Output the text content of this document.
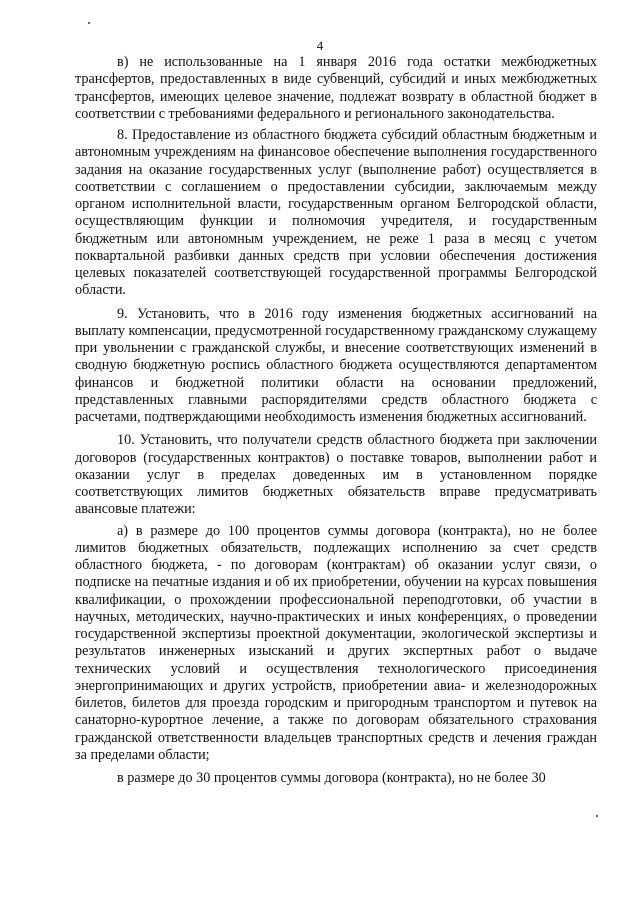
4

в) не использованные на 1 января 2016 года остатки межбюджетных трансфертов, предоставленных в виде субвенций, субсидий и иных межбюджетных трансфертов, имеющих целевое значение, подлежат возврату в областной бюджет в соответствии с требованиями федерального и регионального законодательства.

8. Предоставление из областного бюджета субсидий областным бюджетным и автономным учреждениям на финансовое обеспечение выполнения государственного задания на оказание государственных услуг (выполнение работ) осуществляется в соответствии с соглашением о предоставлении субсидии, заключаемым между органом исполнительной власти, государственным органом Белгородской области, осуществляющим функции и полномочия учредителя, и государственным бюджетным или автономным учреждением, не реже 1 раза в месяц с учетом поквартальной разбивки данных средств при условии обеспечения достижения целевых показателей соответствующей государственной программы Белгородской области.

9. Установить, что в 2016 году изменения бюджетных ассигнований на выплату компенсации, предусмотренной государственному гражданскому служащему при увольнении с гражданской службы, и внесение соответствующих изменений в сводную бюджетную роспись областного бюджета осуществляются департаментом финансов и бюджетной политики области на основании предложений, представленных главными распорядителями средств областного бюджета с расчетами, подтверждающими необходимость изменения бюджетных ассигнований.

10. Установить, что получатели средств областного бюджета при заключении договоров (государственных контрактов) о поставке товаров, выполнении работ и оказании услуг в пределах доведенных им в установленном порядке соответствующих лимитов бюджетных обязательств вправе предусматривать авансовые платежи:

а) в размере до 100 процентов суммы договора (контракта), но не более лимитов бюджетных обязательств, подлежащих исполнению за счет средств областного бюджета, - по договорам (контрактам) об оказании услуг связи, о подписке на печатные издания и об их приобретении, обучении на курсах повышения квалификации, о прохождении профессиональной переподготовки, об участии в научных, методических, научно-практических и иных конференциях, о проведении государственной экспертизы проектной документации, экологической экспертизы и результатов инженерных изысканий и других экспертных работ о выдаче технических условий и осуществления технологического присоединения энергопринимающих и других устройств, приобретении авиа- и железнодорожных билетов, билетов для проезда городским и пригородным транспортом и путевок на санаторно-курортное лечение, а также по договорам обязательного страхования гражданской ответственности владельцев транспортных средств и лечения граждан за пределами области;

в размере до 30 процентов суммы договора (контракта), но не более 30
